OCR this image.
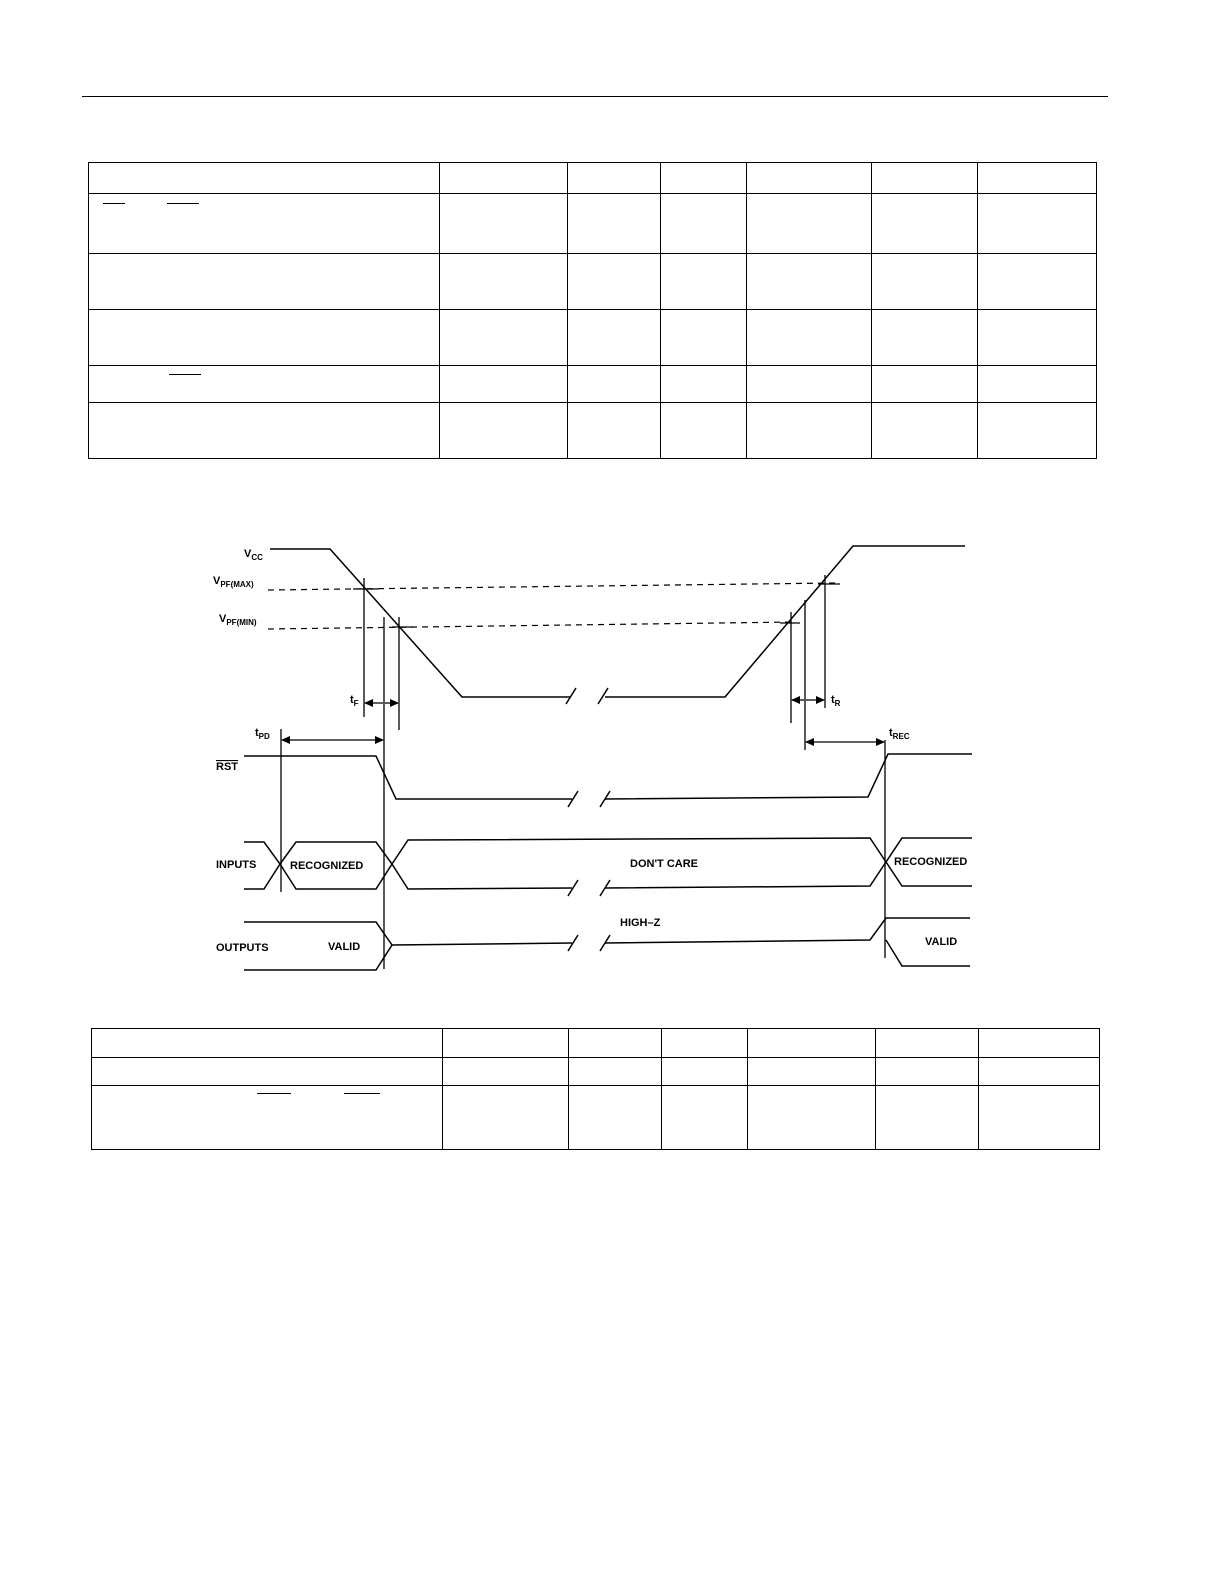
$V_{CC}$
$V_{PF(MAX)}$
$V_{PF(MIN)}$
RST
INPUTS
OUTPUTS
$t_F$	$t_R$
$t_{PD}$	$t_{REC}$
RECOGNIZED	DON'T CARE	RECOGNIZED
HIGH–Z
VALID	VALID
